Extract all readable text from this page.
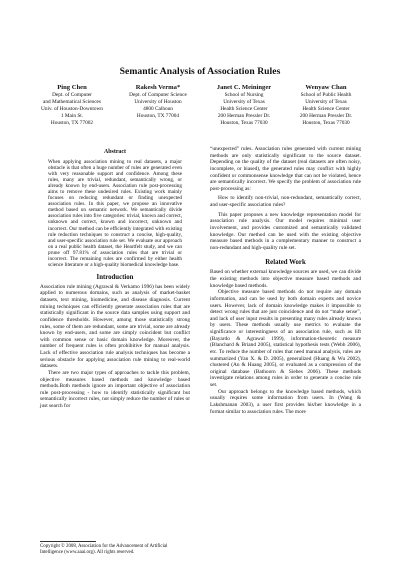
Semantic Analysis of Association Rules
Ping Chen
Dept. of Computer
and Mathematical Sciences
Univ. of Houston-Downtown
1 Main St.
Houston, TX 77002
Rakesh Verma*
Dept. of Computer Science
University of Houston
4800 Calhoun
Houston, TX 77004
Janet C. Meininger
School of Nursing
University of Texas
Health Science Center
200 Herman Pressler Dr.
Houston, Texas 77030
Wenyaw Chan
School of Public Health
University of Texas
Health Science Center
200 Herman Pressler Dr.
Houston, Texas 77030
Abstract
When applying association mining to real datasets, a major obstacle is that often a huge number of rules are generated even with very reasonable support and confidence. Among these rules, many are trivial, redundant, semantically wrong, or already known by end-users. Association rule post-processing aims to remove these undesired rules. Existing work mainly focuses on reducing redundant or finding unexpected association rules. In this paper, we propose an innovative method based on semantic network. We semantically divide association rules into five categories: trivial, known and correct, unknown and correct, known and incorrect, unknown and incorrect. Our method can be efficiently integrated with existing rule reduction techniques to construct a concise, high-quality, and user-specific association rule set. We evaluate our approach on a real public health dataset, the Heartfelt study, and we can prune off 97.81% of association rules that are trivial or incorrect. The remaining rules are confirmed by either health science literature or a high-quality biomedical knowledge base.
Introduction

Association rule mining (Agrawal & Verkamo 1996) has been widely applied to numerous domains, such as analysis of market-basket datasets, text mining, biomedicine, and disease diagnosis. Current mining techniques can efficiently generate association rules that are statistically significant in the source data samples using support and confidence thresholds. However, among those statistically strong rules, some of them are redundant, some are trivial, some are already known by end-users, and some are simply coincident but conflict with common sense or basic domain knowledge. Moreover, the number of frequent rules is often prohibitive for manual analysis. Lack of effective association rule analysis techniques has become a serious obstacle for applying association rule mining to real-world datasets.

There are two major types of approaches to tackle this problem, objective measures based methods and knowledge based methods.Both methods ignore an important objective of association rule post-processing - how to identify statistically significant but semantically incorrect rules, not simply reduce the number of rules or just search for

Copyright © 2008, Association for the Advancement of Artificial Intelligence (www.aaai.org). All rights reserved.

“unexpected” rules. Association rules generated with current mining methods are only statistically significant to the source dataset. Depending on the quality of the dataset (real datasets are often noisy, incomplete, or biased), the generated rules may conflict with highly confident or commonsense knowledge that can not be violated, hence are semantically incorrect. We specify the problem of association rule post-processing as:

How to identify non-trivial, non-redundant, semantically correct, and user-specific association rules?

This paper proposes a new knowledge representation model for association rule analysis. Our model requires minimal user involvement, and provides customized and semantically validated knowledge. Our method can be used with the existing objective measure based methods in a complementary manner to construct a non-redundant and high-quality rule set.

Related Work

Based on whether external knowledge sources are used, we can divide the existing methods into objective measure based methods and knowledge based methods.

Objective measure based methods do not require any domain information, and can be used by both domain experts and novice users. However, lack of domain knowledge makes it impossible to detect wrong rules that are just coincidence and do not “make sense”, and lack of user input results in presenting many rules already known by users. These methods usually use metrics to evaluate the significance or interestingness of an association rule, such as lift (Bayardo & Agrawal 1999), information-theoretic measure (Blanchard & Briand 2005), statistical hypothesis tests (Webb 2006), etc. To reduce the number of rules that need manual analysis, rules are summarized (Yan X. & D. 2005), generalized (Huang & Wu 2002), clustered (An & Huang 2005), or evaluated as a compression of the original database (Bathoorn & Siebes 2006). These methods investigate relations among rules in order to generate a concise rule set.

Our approach belongs to the knowledge based methods, which usually requires some information from users. In (Wang & Lakshmanan 2003), a user first provides his/her knowledge in a format similar to association rules. The more
